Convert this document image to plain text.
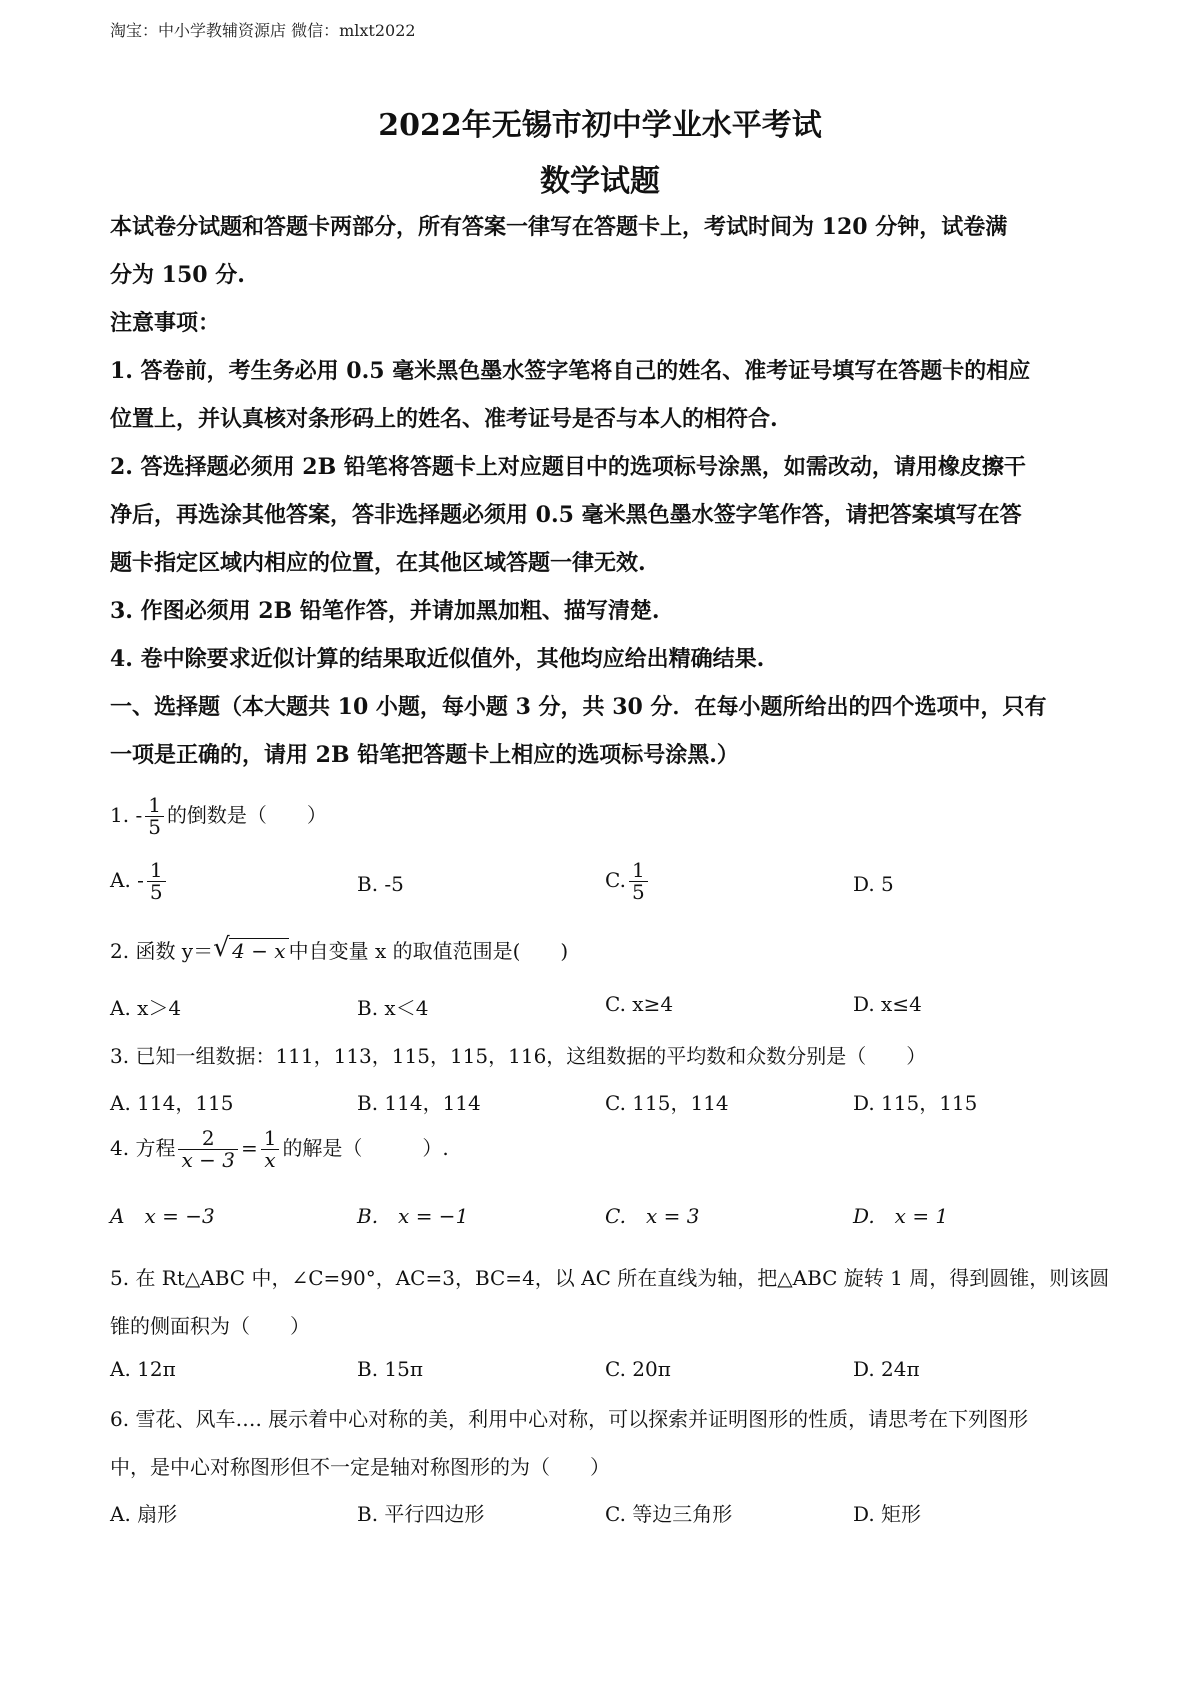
淘宝：中小学教辅资源店 微信：mlxt2022
2022年无锡市初中学业水平考试
数学试题
本试卷分试题和答题卡两部分，所有答案一律写在答题卡上，考试时间为 120 分钟，试卷满
分为 150 分.
注意事项：
1. 答卷前，考生务必用 0.5 毫米黑色墨水签字笔将自己的姓名、准考证号填写在答题卡的相应
位置上，并认真核对条形码上的姓名、准考证号是否与本人的相符合.
2. 答选择题必须用 2B 铅笔将答题卡上对应题目中的选项标号涂黑，如需改动，请用橡皮擦干
净后，再选涂其他答案，答非选择题必须用 0.5 毫米黑色墨水签字笔作答，请把答案填写在答
题卡指定区域内相应的位置，在其他区域答题一律无效.
3. 作图必须用 2B 铅笔作答，并请加黑加粗、描写清楚.
4. 卷中除要求近似计算的结果取近似值外，其他均应给出精确结果.
一、选择题（本大题共 10 小题，每小题 3 分，共 30 分．在每小题所给出的四个选项中，只有
一项是正确的，请用 2B 铅笔把答题卡上相应的选项标号涂黑.）
1. - $\frac{1}{5}$ 的倒数是（　　）
A. - $\frac{1}{5}$	B. -5	C. $\frac{1}{5}$	D. 5
2. 函数 y＝ √ 4 − x 中自变量 x 的取值范围是(　　)
A. x＞4	B. x＜4	C. x≥4	D. x≤4
3. 已知一组数据：111，113，115，115，116，这组数据的平均数和众数分别是（　　）
A. 114，115	B. 114，114	C. 115，114	D. 115，115
4. 方程 $\frac{2}{x - 3} = \frac{1}{x}$ 的解是（　　　）.
A　x = −3	B.　x = −1	C.　x = 3	D.　x = 1
5. 在 Rt△ABC 中，∠C=90°，AC=3，BC=4，以 AC 所在直线为轴，把△ABC 旋转 1 周，得到圆锥，则该圆
锥的侧面积为（　　）
A. 12π	B. 15π	C. 20π	D. 24π
6. 雪花、风车…. 展示着中心对称的美，利用中心对称，可以探索并证明图形的性质，请思考在下列图形
中，是中心对称图形但不一定是轴对称图形的为（　　）
A. 扇形	B. 平行四边形	C. 等边三角形	D. 矩形
